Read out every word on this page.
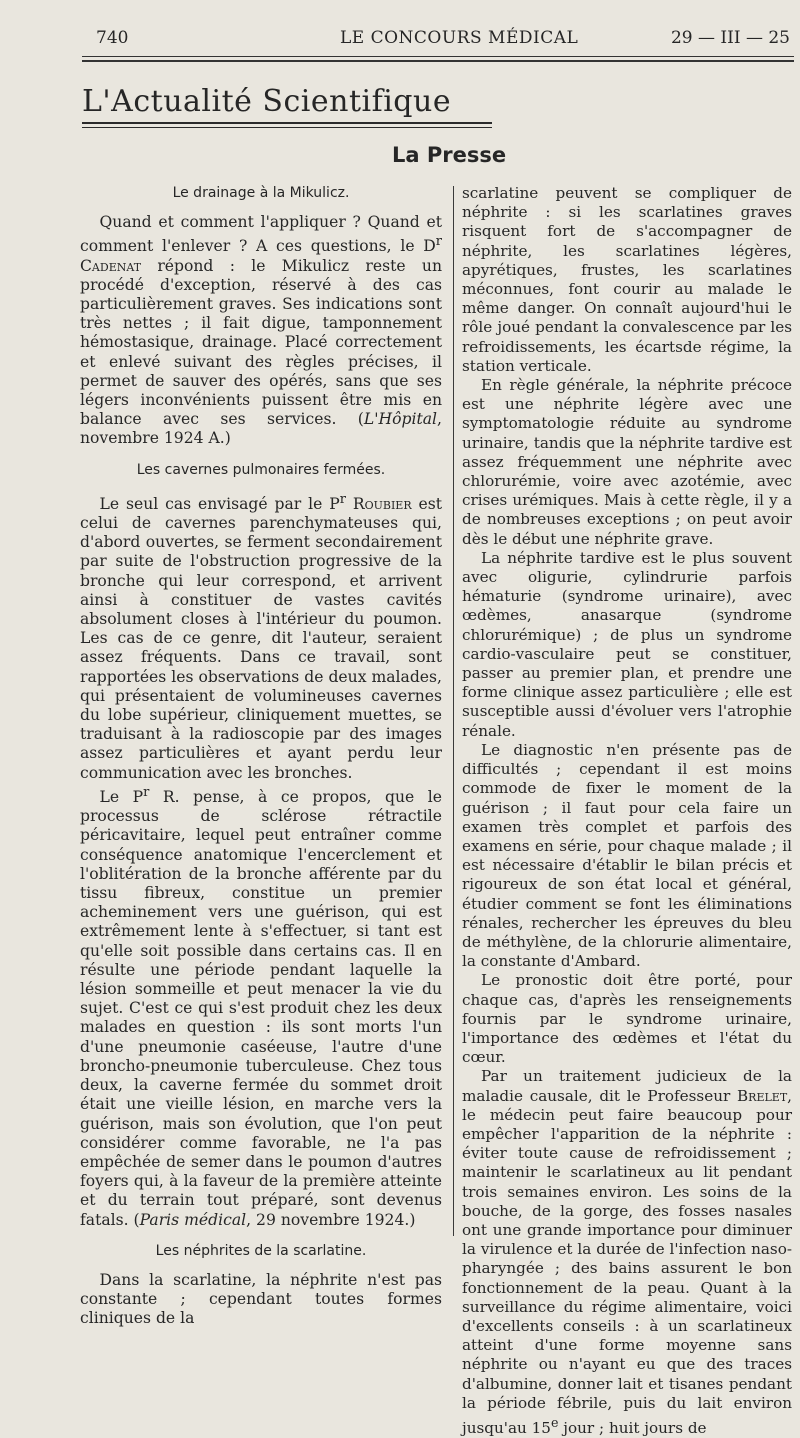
740	LE CONCOURS MÉDICAL	29 — III — 25
L'Actualité Scientifique
La Presse
Le drainage à la Mikulicz.

Quand et comment l'appliquer ? Quand et comment l'enlever ? A ces questions, le $D^r$ Cadenat répond : le Mikulicz reste un procédé d'exception, réservé à des cas particulièrement graves. Ses indications sont très nettes ; il fait digue, tamponnement hémostasique, drainage. Placé correctement et enlevé suivant des règles précises, il permet de sauver des opérés, sans que ses légers inconvénients puissent être mis en balance avec ses services. (L'Hôpital, novembre 1924 A.)

Les cavernes pulmonaires fermées.

Le seul cas envisagé par le $P^r$ Roubier est celui de cavernes parenchymateuses qui, d'abord ouvertes, se ferment secondairement par suite de l'obstruction progressive de la bronche qui leur correspond, et arrivent ainsi à constituer de vastes cavités absolument closes à l'intérieur du poumon. Les cas de ce genre, dit l'auteur, seraient assez fréquents. Dans ce travail, sont rapportées les observations de deux malades, qui présentaient de volumineuses cavernes du lobe supérieur, cliniquement muettes, se traduisant à la radioscopie par des images assez particulières et ayant perdu leur communication avec les bronches.

Le $P^r$ R. pense, à ce propos, que le processus de sclérose rétractile péricavitaire, lequel peut entraîner comme conséquence anatomique l'encerclement et l'oblitération de la bronche afférente par du tissu fibreux, constitue un premier acheminement vers une guérison, qui est extrêmement lente à s'effectuer, si tant est qu'elle soit possible dans certains cas. Il en résulte une période pendant laquelle la lésion sommeille et peut menacer la vie du sujet. C'est ce qui s'est produit chez les deux malades en question : ils sont morts l'un d'une pneumonie caséeuse, l'autre d'une broncho-pneumonie tuberculeuse. Chez tous deux, la caverne fermée du sommet droit était une vieille lésion, en marche vers la guérison, mais son évolution, que l'on peut considérer comme favorable, ne l'a pas empêchée de semer dans le poumon d'autres foyers qui, à la faveur de la première atteinte et du terrain tout préparé, sont devenus fatals. (Paris médical, 29 novembre 1924.)

Les néphrites de la scarlatine.

Dans la scarlatine, la néphrite n'est pas constante ; cependant toutes formes cliniques de la

scarlatine peuvent se compliquer de néphrite : si les scarlatines graves risquent fort de s'accompagner de néphrite, les scarlatines légères, apyrétiques, frustes, les scarlatines méconnues, font courir au malade le même danger. On connaît aujourd'hui le rôle joué pendant la convalescence par les refroidissements, les écartsde régime, la station verticale.

En règle générale, la néphrite précoce est une néphrite légère avec une symptomatologie réduite au syndrome urinaire, tandis que la néphrite tardive est assez fréquemment une néphrite avec chlorurémie, voire avec azotémie, avec crises urémiques. Mais à cette règle, il y a de nombreuses exceptions ; on peut avoir dès le début une néphrite grave.

La néphrite tardive est le plus souvent avec oligurie, cylindrurie parfois hématurie (syndrome urinaire), avec œdèmes, anasarque (syndrome chlorurémique) ; de plus un syndrome cardio-vasculaire peut se constituer, passer au premier plan, et prendre une forme clinique assez particulière ; elle est susceptible aussi d'évoluer vers l'atrophie rénale.

Le diagnostic n'en présente pas de difficultés ; cependant il est moins commode de fixer le moment de la guérison ; il faut pour cela faire un examen très complet et parfois des examens en série, pour chaque malade ; il est nécessaire d'établir le bilan précis et rigoureux de son état local et général, étudier comment se font les éliminations rénales, rechercher les épreuves du bleu de méthylène, de la chlorurie alimentaire, la constante d'Ambard.

Le pronostic doit être porté, pour chaque cas, d'après les renseignements fournis par le syndrome urinaire, l'importance des œdèmes et l'état du cœur.

Par un traitement judicieux de la maladie causale, dit le Professeur Brelet, le médecin peut faire beaucoup pour empêcher l'apparition de la néphrite : éviter toute cause de refroidissement ; maintenir le scarlatineux au lit pendant trois semaines environ. Les soins de la bouche, de la gorge, des fosses nasales ont une grande importance pour diminuer la virulence et la durée de l'infection naso-pharyngée ; des bains assurent le bon fonctionnement de la peau. Quant à la surveillance du régime alimentaire, voici d'excellents conseils : à un scarlatineux atteint d'une forme moyenne sans néphrite ou n'ayant eu que des traces d'albumine, donner lait et tisanes pendant la période fébrile, puis du lait environ jusqu'au 15e jour ; huit jours de
